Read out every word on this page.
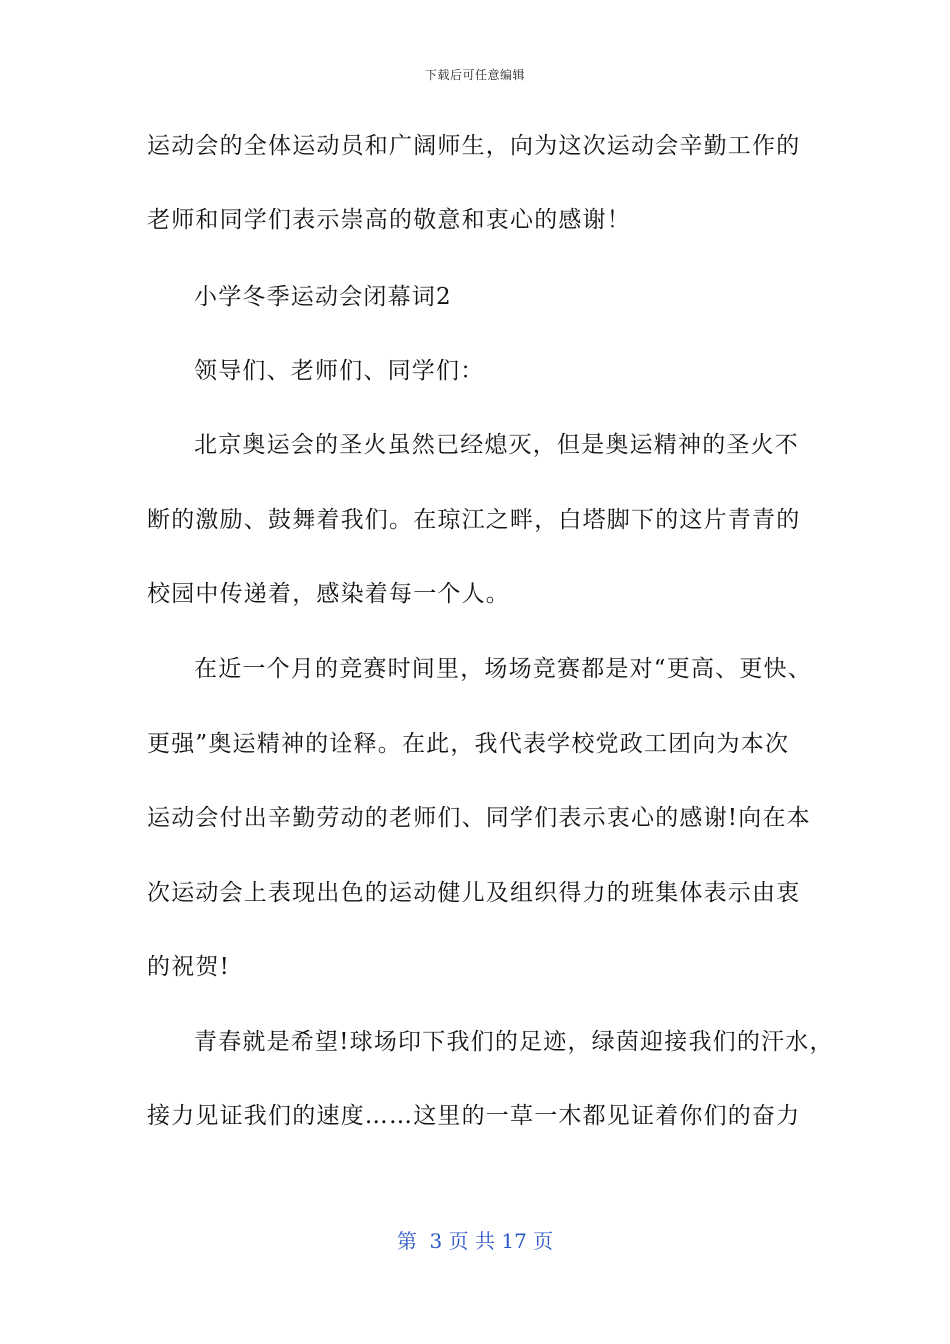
下载后可任意编辑
运动会的全体运动员和广阔师生，向为这次运动会辛勤工作的
老师和同学们表示崇高的敬意和衷心的感谢！
小学冬季运动会闭幕词2
领导们、老师们、同学们：
北京奥运会的圣火虽然已经熄灭，但是奥运精神的圣火不
断的激励、鼓舞着我们。在琼江之畔，白塔脚下的这片青青的
校园中传递着，感染着每一个人。
在近一个月的竞赛时间里，场场竞赛都是对“更高、更快、
更强”奥运精神的诠释。在此，我代表学校党政工团向为本次
运动会付出辛勤劳动的老师们、同学们表示衷心的感谢!向在本
次运动会上表现出色的运动健儿及组织得力的班集体表示由衷
的祝贺!
青春就是希望!球场印下我们的足迹，绿茵迎接我们的汗水，
接力见证我们的速度……这里的一草一木都见证着你们的奋力
第  3 页 共 17 页
